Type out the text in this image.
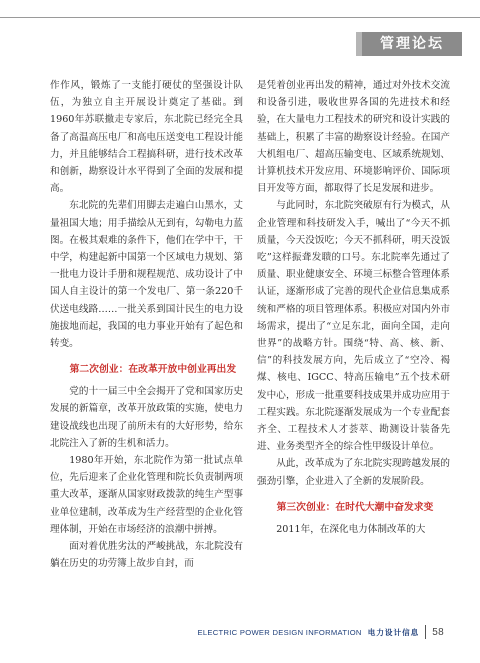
管理论坛

作作风，锻炼了一支能打硬仗的坚强设计队伍，为独立自主开展设计奠定了基础。到1960年苏联撤走专家后，东北院已经完全具备了高温高压电厂和高电压送变电工程设计能力，并且能够结合工程搞科研，进行技术改革和创新，勘察设计水平得到了全面的发展和提高。

东北院的先辈们用脚去走遍白山黑水，丈量祖国大地；用手描绘从无到有，勾勒电力蓝图。在极其艰难的条件下，他们在学中干，干中学，构建起新中国第一个区域电力规划、第一批电力设计手册和规程规范、成功设计了中国人自主设计的第一个发电厂、第一条220千伏送电线路……一批关系到国计民生的电力设施拔地而起，我国的电力事业开始有了起色和转变。

第二次创业：在改革开放中创业再出发

党的十一届三中全会揭开了党和国家历史发展的新篇章，改革开放政策的实施，使电力建设战线也出现了前所未有的大好形势，给东北院注入了新的生机和活力。

1980年开始，东北院作为第一批试点单位，先后迎来了企业化管理和院长负责制两项重大改革，逐渐从国家财政拨款的纯生产型事业单位建制，改革成为生产经营型的企业化管理体制，开始在市场经济的浪潮中拼搏。

面对着优胜劣汰的严峻挑战，东北院没有躺在历史的功劳簿上故步自封，而

是凭着创业再出发的精神，通过对外技术交流和设备引进，吸收世界各国的先进技术和经验，在大量电力工程技术的研究和设计实践的基础上，积累了丰富的勘察设计经验。在国产大机组电厂、超高压输变电、区域系统规划、计算机技术开发应用、环境影响评价、国际项目开发等方面，都取得了长足发展和进步。

与此同时，东北院突破原有行为模式，从企业管理和科技研发入手，喊出了“今天不抓质量，今天没饭吃；今天不抓科研，明天没饭吃”这样振聋发聩的口号。东北院率先通过了质量、职业健康安全、环境三标整合管理体系认证，逐渐形成了完善的现代企业信息集成系统和严格的项目管理体系。积极应对国内外市场需求，提出了“立足东北，面向全国，走向世界”的战略方针。围绕“特、高、核、新、信”的科技发展方向，先后成立了“空冷、褐煤、核电、IGCC、特高压输电”五个技术研发中心，形成一批重要科技成果并成功应用于工程实践。东北院逐渐发展成为一个专业配套齐全、工程技术人才荟萃、勘测设计装备先进、业务类型齐全的综合性甲级设计单位。

从此，改革成为了东北院实现跨越发展的强劲引擎，企业进入了全新的发展阶段。

第三次创业：在时代大潮中奋发求变

2011年，在深化电力体制改革的大

ELECTRIC POWER DESIGN INFORMATION 电力设计信息 58
